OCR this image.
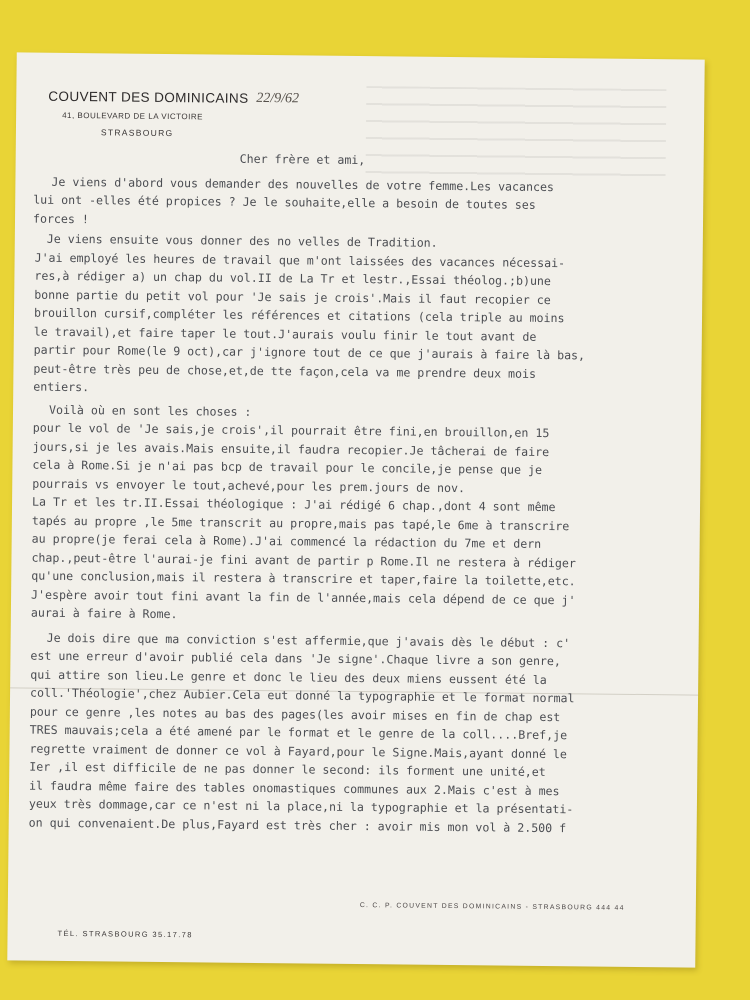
COUVENT DES DOMINICAINS 22/9/62
41, BOULEVARD DE LA VICTOIRE
STRASBOURG
Cher frère et ami,
Je viens d'abord vous demander des nouvelles de votre femme.Les vacances
lui ont -elles été propices ? Je le souhaite,elle a besoin de toutes ses
forces !
Je viens ensuite vous donner des no velles de Tradition.
J'ai employé les heures de travail que m'ont laissées des vacances nécessai-
res,à rédiger a) un chap du vol.II de La Tr et lestr.,Essai théolog.;b)une
bonne partie du petit vol pour 'Je sais je crois'.Mais il faut recopier ce
brouillon cursif,compléter les références et citations (cela triple au moins
le travail),et faire taper le tout.J'aurais voulu finir le tout avant de
partir pour Rome(le 9 oct),car j'ignore tout de ce que j'aurais à faire là bas,
peut-être très peu de chose,et,de tte façon,cela va me prendre deux mois
entiers.
Voilà où en sont les choses :
pour le vol de 'Je sais,je crois',il pourrait être fini,en brouillon,en 15
jours,si je les avais.Mais ensuite,il faudra recopier.Je tâcherai de faire
cela à Rome.Si je n'ai pas bcp de travail pour le concile,je pense que je
pourrais vs envoyer le tout,achevé,pour les prem.jours de nov.
La Tr et les tr.II.Essai théologique : J'ai rédigé 6 chap.,dont 4 sont même
tapés au propre ,le 5me transcrit au propre,mais pas tapé,le 6me à transcrire
au propre(je ferai cela à Rome).J'ai commencé la rédaction du 7me et dern
chap.,peut-être l'aurai-je fini avant de partir p Rome.Il ne restera à rédiger
qu'une conclusion,mais il restera à transcrire et taper,faire la toilette,etc.
J'espère avoir tout fini avant la fin de l'année,mais cela dépend de ce que j'
aurai à faire à Rome.
Je dois dire que ma conviction s'est affermie,que j'avais dès le début : c'
est une erreur d'avoir publié cela dans 'Je signe'.Chaque livre a son genre,
qui attire son lieu.Le genre et donc le lieu des deux miens eussent été la
coll.'Théologie',chez Aubier.Cela eut donné la typographie et le format normal
pour ce genre ,les notes au bas des pages(les avoir mises en fin de chap est
TRES mauvais;cela a été amené par le format et le genre de la coll....Bref,je
regrette vraiment de donner ce vol à Fayard,pour le Signe.Mais,ayant donné le
Ier ,il est difficile de ne pas donner le second: ils forment une unité,et
il faudra même faire des tables onomastiques communes aux 2.Mais c'est à mes
yeux très dommage,car ce n'est ni la place,ni la typographie et la présentati-
on qui convenaient.De plus,Fayard est très cher : avoir mis mon vol à 2.500 f
C. C. P. COUVENT DES DOMINICAINS - STRASBOURG 444 44
TÉL. STRASBOURG 35.17.78
